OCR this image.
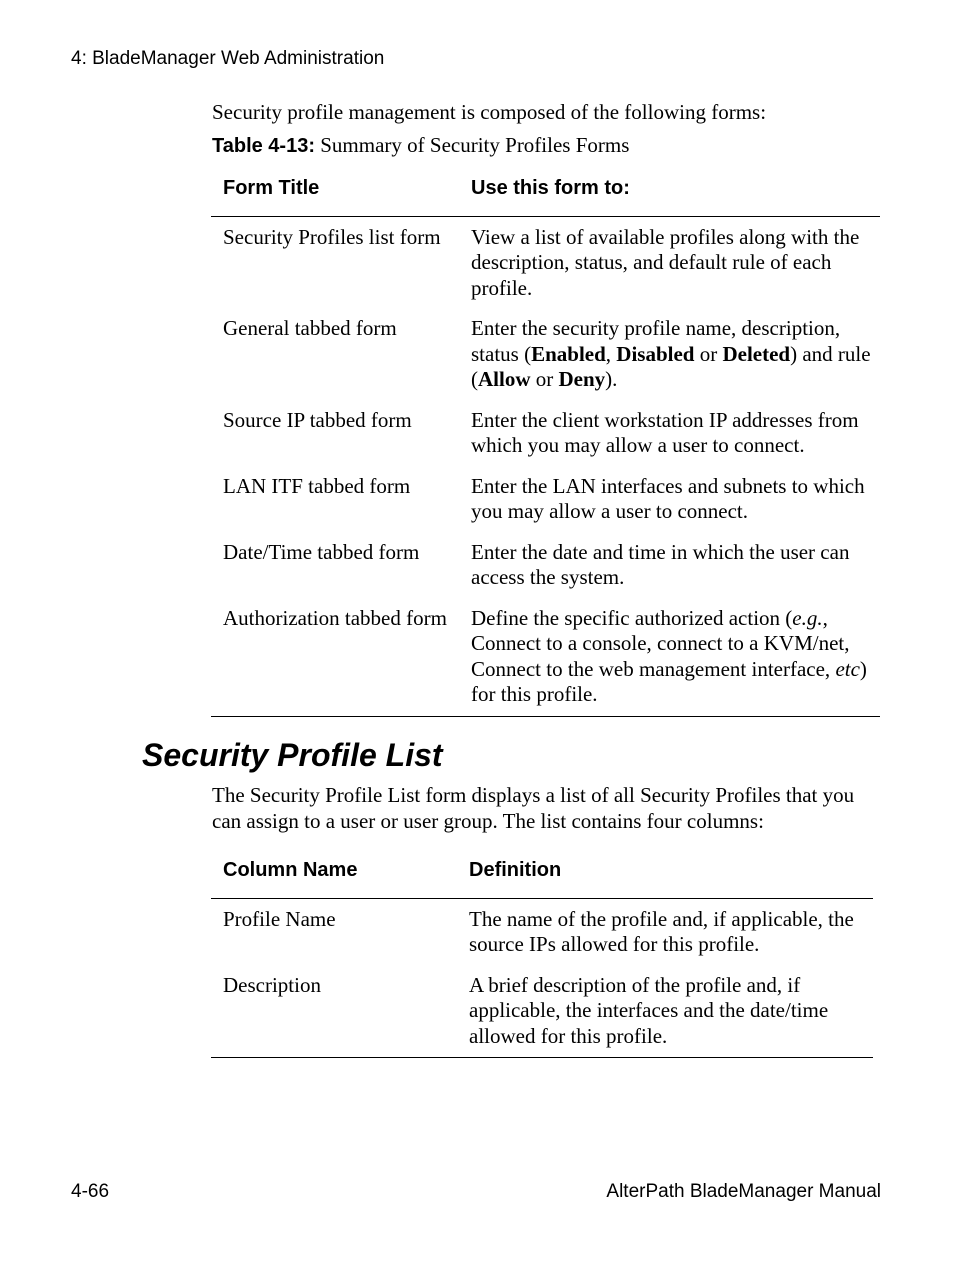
4: BladeManager Web Administration

Security profile management is composed of the following forms:

Table 4-13: Summary of Security Profiles Forms
Form Title	Use this form to:
Security Profiles list form	View a list of available profiles along with the description, status, and default rule of each profile.
General tabbed form	Enter the security profile name, description, status (Enabled, Disabled or Deleted) and rule (Allow or Deny).
Source IP tabbed form	Enter the client workstation IP addresses from which you may allow a user to connect.
LAN ITF tabbed form	Enter the LAN interfaces and subnets to which you may allow a user to connect.
Date/Time tabbed form	Enter the date and time in which the user can access the system.
Authorization tabbed form	Define the specific authorized action (e.g., Connect to a console, connect to a KVM/net, Connect to the web management interface, etc) for this profile.
Security Profile List

The Security Profile List form displays a list of all Security Profiles that you can assign to a user or user group. The list contains four columns:

Column Name	Definition
Profile Name	The name of the profile and, if applicable, the source IPs allowed for this profile.
Description	A brief description of the profile and, if applicable, the interfaces and the date/time allowed for this profile.
4-66	AlterPath BladeManager Manual
